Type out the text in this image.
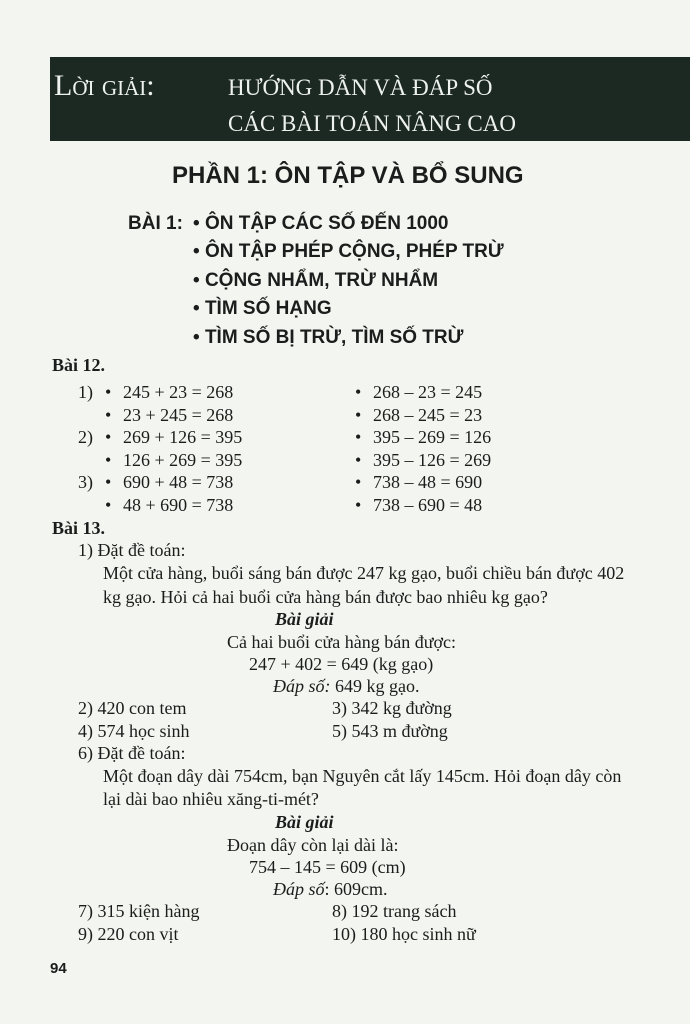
Lời giải:	HƯỚNG DẪN VÀ ĐÁP SỐ
CÁC BÀI TOÁN NÂNG CAO
PHẦN 1: ÔN TẬP VÀ BỔ SUNG
BÀI 1: • ÔN TẬP CÁC SỐ ĐẾN 1000
• ÔN TẬP PHÉP CỘNG, PHÉP TRỪ
• CỘNG NHẨM, TRỪ NHẨM
• TÌM SỐ HẠNG
• TÌM SỐ BỊ TRỪ, TÌM SỐ TRỪ
Bài 12.
1) • 245 + 23 = 268	• 268 – 23 = 245
• 23 + 245 = 268	• 268 – 245 = 23
2) • 269 + 126 = 395	• 395 – 269 = 126
• 126 + 269 = 395	• 395 – 126 = 269
3) • 690 + 48 = 738	• 738 – 48 = 690
• 48 + 690 = 738	• 738 – 690 = 48
Bài 13.
1) Đặt đề toán:
Một cửa hàng, buổi sáng bán được 247 kg gạo, buổi chiều bán được 402
kg gạo. Hỏi cả hai buổi cửa hàng bán được bao nhiêu kg gạo?
Bài giải
Cả hai buổi cửa hàng bán được:
247 + 402 = 649 (kg gạo)
Đáp số: 649 kg gạo.
2) 420 con tem	3) 342 kg đường
4) 574 học sinh	5) 543 m đường
6) Đặt đề toán:
Một đoạn dây dài 754cm, bạn Nguyên cắt lấy 145cm. Hỏi đoạn dây còn
lại dài bao nhiêu xăng-ti-mét?
Bài giải
Đoạn dây còn lại dài là:
754 – 145 = 609 (cm)
Đáp số: 609cm.
7) 315 kiện hàng	8) 192 trang sách
9) 220 con vịt	10) 180 học sinh nữ
94
